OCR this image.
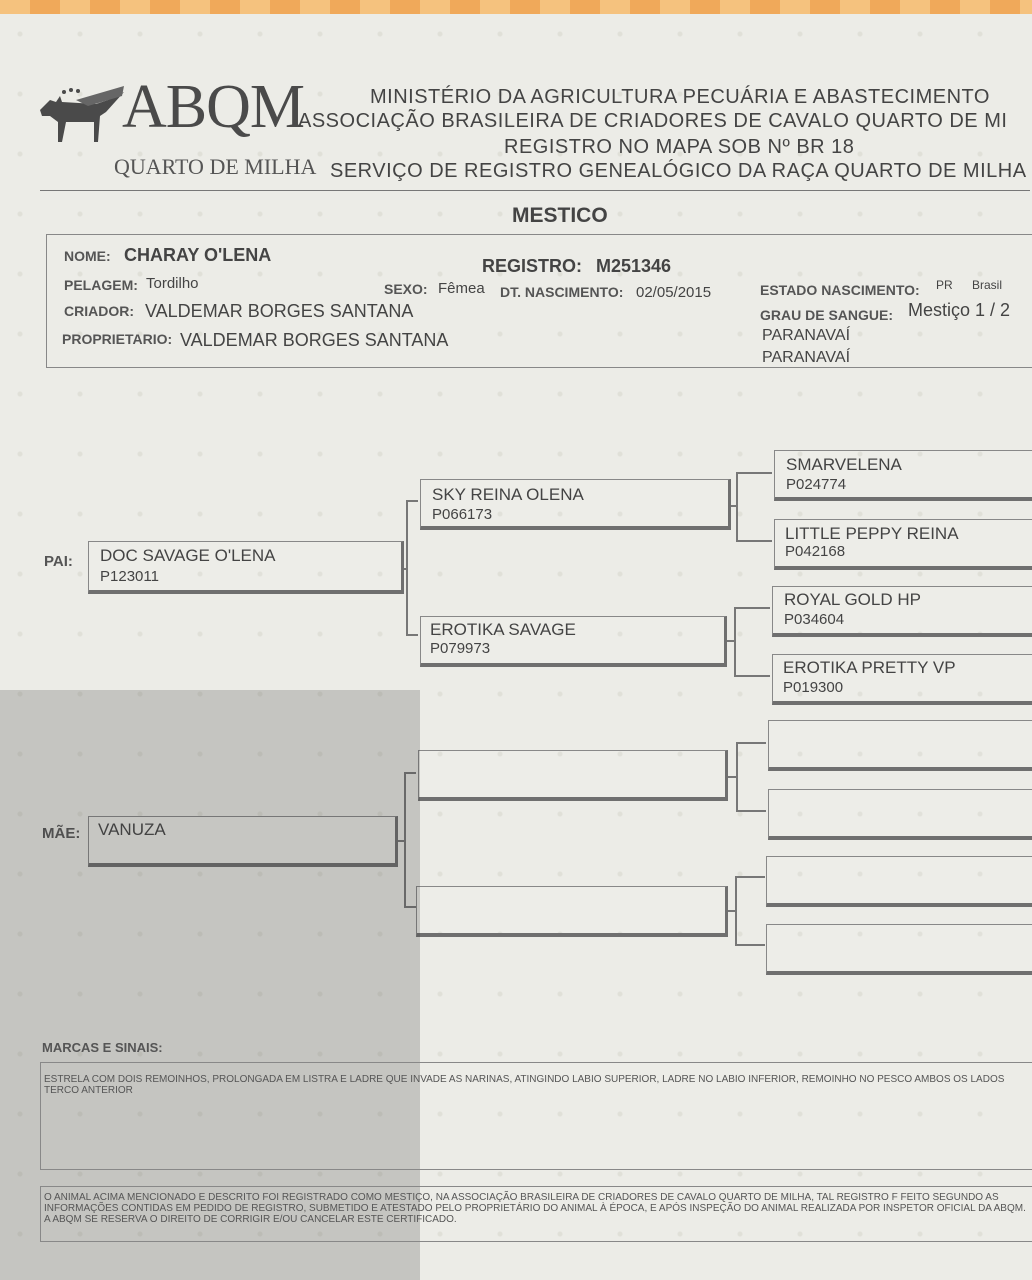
ABQM
QUARTO DE MILHA
MINISTÉRIO DA AGRICULTURA PECUÁRIA E ABASTECIMENTO
ASSOCIAÇÃO BRASILEIRA DE CRIADORES DE CAVALO QUARTO DE MI
REGISTRO NO MAPA SOB Nº BR 18
SERVIÇO DE REGISTRO GENEALÓGICO DA RAÇA QUARTO DE MILHA
MESTICO
NOME: CHARAY O'LENA
REGISTRO: M251346
PELAGEM: Tordilho	SEXO: Fêmea DT. NASCIMENTO: 02/05/2015	ESTADO NASCIMENTO: PR Brasil
CRIADOR: VALDEMAR BORGES SANTANA	GRAU DE SANGUE: Mestiço 1 / 2
PROPRIETARIO: VALDEMAR BORGES SANTANA	PARANAVAÍ
PARANAVAÍ
PAI: DOC SAVAGE O'LENA
P123011
SKY REINA OLENA
P066173
EROTIKA SAVAGE
P079973
SMARVELENA
P024774
LITTLE PEPPY REINA
P042168
ROYAL GOLD HP
P034604
EROTIKA PRETTY VP
P019300
MÃE: VANUZA
MARCAS E SINAIS:
ESTRELA COM DOIS REMOINHOS, PROLONGADA EM LISTRA E LADRE QUE INVADE AS NARINAS, ATINGINDO LABIO SUPERIOR, LADRE NO LABIO INFERIOR, REMOINHO NO PESCO AMBOS OS LADOS TERCO ANTERIOR
O ANIMAL ACIMA MENCIONADO E DESCRITO FOI REGISTRADO COMO MESTIÇO, NA ASSOCIAÇÃO BRASILEIRA DE CRIADORES DE CAVALO QUARTO DE MILHA, TAL REGISTRO F FEITO SEGUNDO AS INFORMAÇÕES CONTIDAS EM PEDIDO DE REGISTRO, SUBMETIDO E ATESTADO PELO PROPRIETÁRIO DO ANIMAL À ÉPOCA, E APÓS INSPEÇÃO DO ANIMAL REALIZADA POR INSPETOR OFICIAL DA ABQM. A ABQM SE RESERVA O DIREITO DE CORRIGIR E/OU CANCELAR ESTE CERTIFICADO.
